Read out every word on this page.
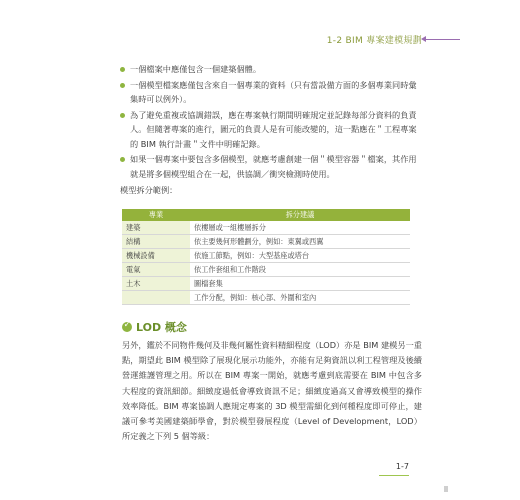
1-2 BIM 專案建模規劃
一個檔案中應僅包含一個建築個體。
一個模型檔案應僅包含來自一個專業的資料（只有當設備方面的多個專業同時彙集時可以例外）。
為了避免重複或協調錯誤，應在專案執行期間明確規定並記錄每部分資料的負責人。但隨著專案的進行，圖元的負責人是有可能改變的，這一點應在＂工程專案的 BIM 執行計畫＂文件中明確記錄。
如果一個專案中要包含多個模型，就應考慮創建一個＂模型容器＂檔案，其作用就是將多個模型組合在一起，供協調／衝突檢測時使用。
模型拆分範例：
專業	拆分建議
建築	依樓層或一組樓層拆分
結構	依主要幾何形體劃分，例如：東翼或西翼
機械設備	依施工節點，例如：大型基座或塔台
電氣	依工作套組和工作階段
土木	圖檔套集
	工作分配，例如：核心部、外圍和室內
✓
LOD 概念
另外，鑑於不同物件幾何及非幾何屬性資料精細程度（LOD）亦是 BIM 建模另一重點，期望此 BIM 模型除了展現化展示功能外，亦能有足夠資訊以利工程管理及後續營運維護管理之用。所以在 BIM 專案一開始，就應考慮到底需要在 BIM 中包含多大程度的資訊細節。細緻度過低會導致資訊不足；細緻度過高又會導致模型的操作效率降低。BIM 專案協調人應規定專案的 3D 模型需細化到何種程度即可停止，建議可參考美國建築師學會，對於模型發展程度（Level of Development，LOD）所定義之下列 5 個等級：
1-7
